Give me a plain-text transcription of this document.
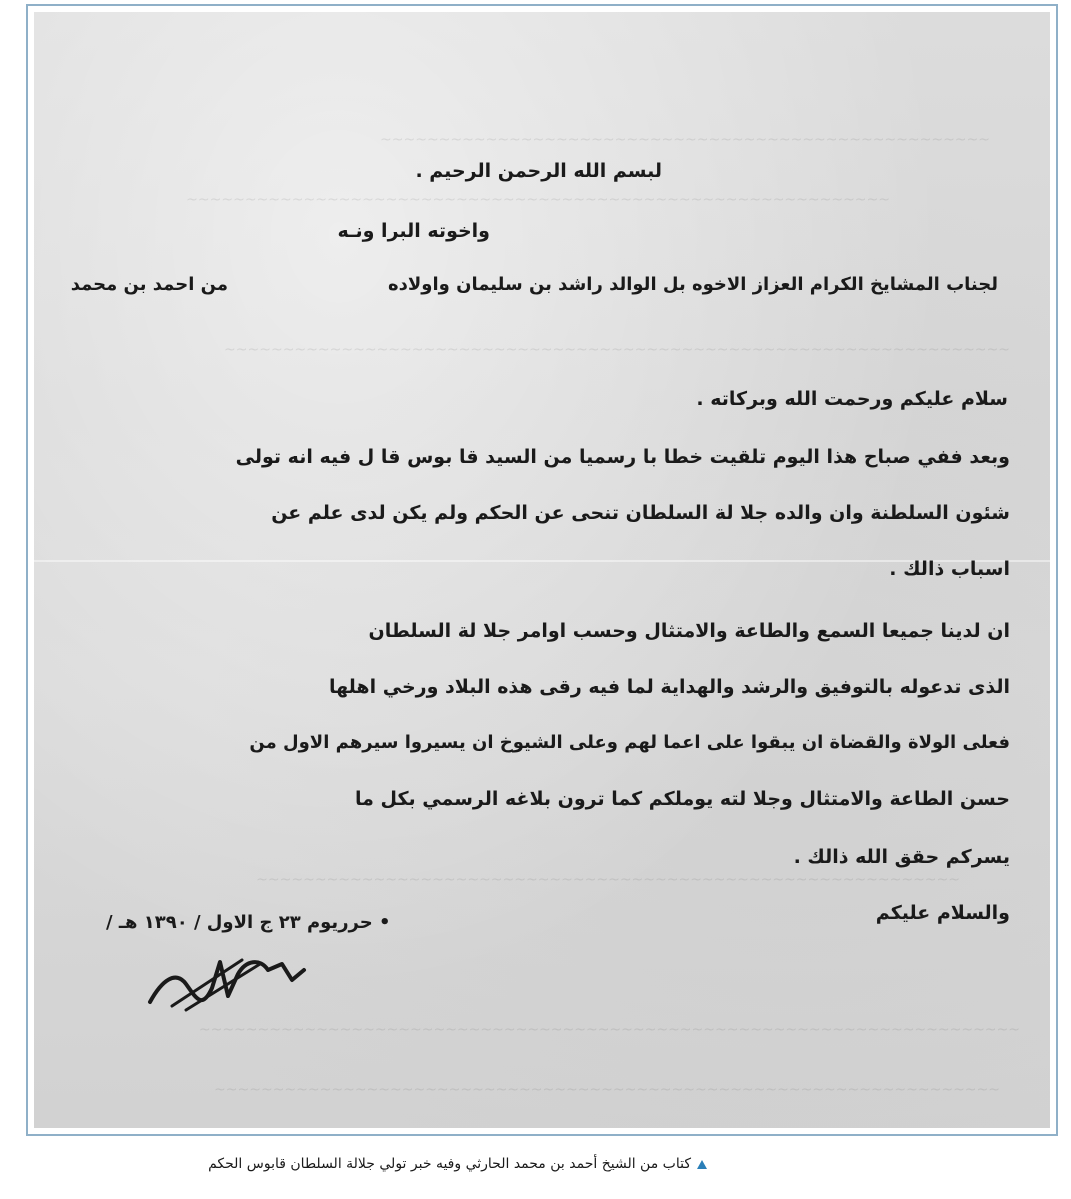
~~~~~~~~~~~~~~~~~~~~~~~~~~~~~~~~~~~~~~~~~~~~~~~~~~~~
~~~~~~~~~~~~~~~~~~~~~~~~~~~~~~~~~~~~~~~~~~~~~~~~~~~~~~~~~~~~
~~~~~~~~~~~~~~~~~~~~~~~~~~~~~~~~~~~~~~~~~~~~~~~~~~~~~~~~~~~~~~~~~~~
~~~~~~~~~~~~~~~~~~~~~~~~~~~~~~~~~~~~~~~~~~~~~~~~~~~~~~~~~~~~
~~~~~~~~~~~~~~~~~~~~~~~~~~~~~~~~~~~~~~~~~~~~~~~~~~~~~~~~~~~~~~~~~~~~~~
~~~~~~~~~~~~~~~~~~~~~~~~~~~~~~~~~~~~~~~~~~~~~~~~~~~~~~~~~~~~~~~~~~~
لبسم الله الرحمن الرحيم .
واخوته البرا ونـه
لجناب المشايخ الكرام العزاز الاخوه بل الوالد راشد بن سليمان واولاده
من احمد بن محمد
سلام عليكم ورحمت الله وبركاته .
وبعد ففي صباح هذا اليوم تلقيت خطا با رسميا من السيد قا بوس قا ل فيه انه تولى
شئون السلطنة وان والده جلا لة السلطان تنحى عن الحكم ولم يكن لدى علم عن
اسباب ذالك .
ان لدينا جميعا السمع والطاعة والامتثال وحسب اوامر جلا لة السلطان
الذى تدعوله بالتوفيق والرشد والهداية لما فيه رقى هذه البلاد ورخي اهلها
فعلى الولاة والقضاة ان يبقوا على اعما لهم وعلى الشيوخ ان يسيروا سيرهم الاول من
حسن الطاعة والامتثال وجلا لته يوملكم كما ترون بلاغه الرسمي بكل ما
يسركم حقق الله ذالك .
والسلام عليكم
• حرريوم ٢٣ ج الاول / ١٣٩٠ هـ /
كتاب من الشيخ أحمد بن محمد الحارثي وفيه خبر تولي جلالة السلطان قابوس الحكم
